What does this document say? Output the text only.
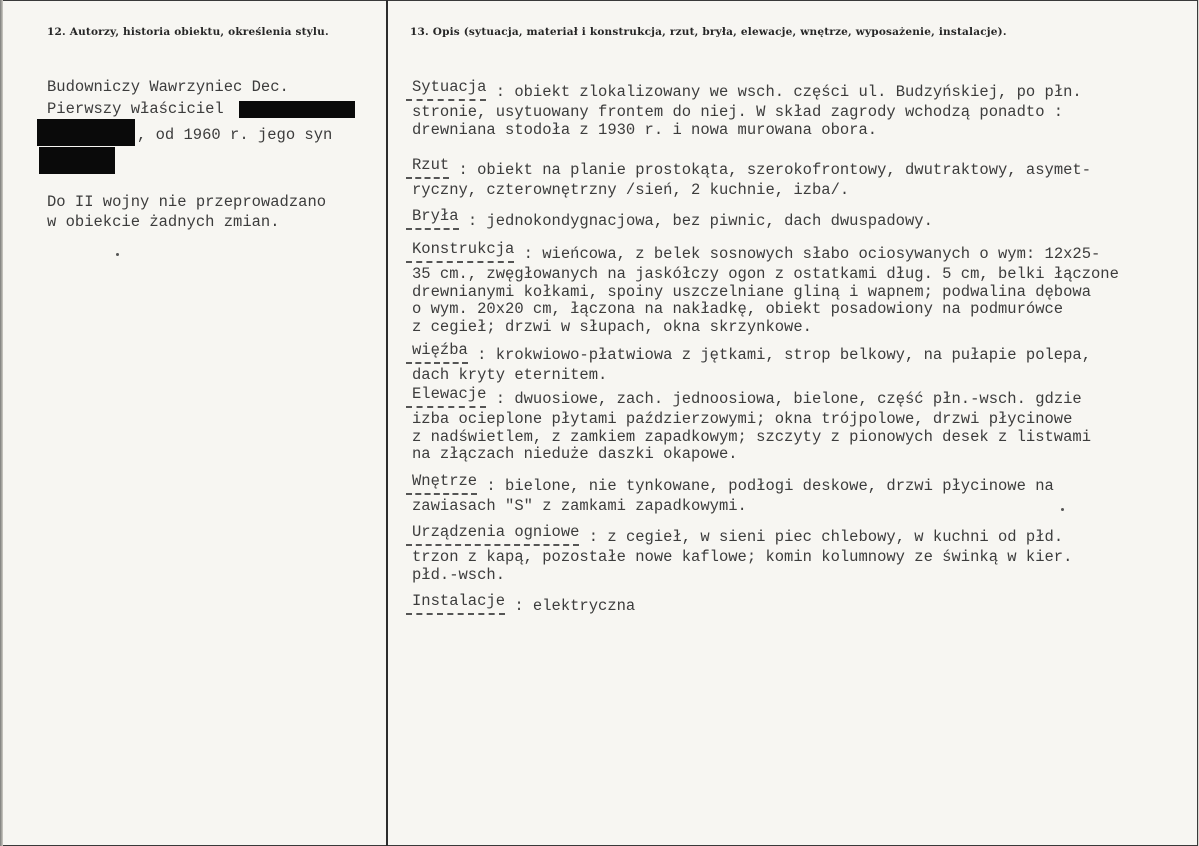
12. Autorzy, historia obiektu, określenia stylu.	13. Opis (sytuacja, materiał i konstrukcja, rzut, bryła, elewacje, wnętrze, wyposażenie, instalacje).
Budowniczy Wawrzyniec Dec.
Pierwszy właściciel
, od 1960 r. jego syn
Do II wojny nie przeprowadzano
w obiekcie żadnych zmian.
Sytuacja : obiekt zlokalizowany we wsch. części ul. Budzyńskiej, po płn.
stronie, usytuowany frontem do niej. W skład zagrody wchodzą ponadto :
drewniana stodoła z 1930 r. i nowa murowana obora.
Rzut : obiekt na planie prostokąta, szerokofrontowy, dwutraktowy, asymet-
ryczny, czterownętrzny /sień, 2 kuchnie, izba/.
Bryła : jednokondygnacjowa, bez piwnic, dach dwuspadowy.
Konstrukcja : wieńcowa, z belek sosnowych słabo ociosywanych o wym: 12x25-
35 cm., zwęgłowanych na jaskółczy ogon z ostatkami dług. 5 cm, belki łączone
drewnianymi kołkami, spoiny uszczelniane gliną i wapnem; podwalina dębowa
o wym. 20x20 cm, łączona na nakładkę, obiekt posadowiony na podmurówce
z cegieł; drzwi w słupach, okna skrzynkowe.
więźba : krokwiowo-płatwiowa z jętkami, strop belkowy, na pułapie polepa,
dach kryty eternitem.
Elewacje : dwuosiowe, zach. jednoosiowa, bielone, część płn.-wsch. gdzie
izba ocieplone płytami paździerzowymi; okna trójpolowe, drzwi płycinowe
z nadświetlem, z zamkiem zapadkowym; szczyty z pionowych desek z listwami
na złączach nieduże daszki okapowe.
Wnętrze : bielone, nie tynkowane, podłogi deskowe, drzwi płycinowe na
zawiasach "S" z zamkami zapadkowymi.
Urządzenia ogniowe : z cegieł, w sieni piec chlebowy, w kuchni od płd.
trzon z kapą, pozostałe nowe kaflowe; komin kolumnowy ze świnką w kier.
płd.-wsch.
Instalacje : elektryczna
